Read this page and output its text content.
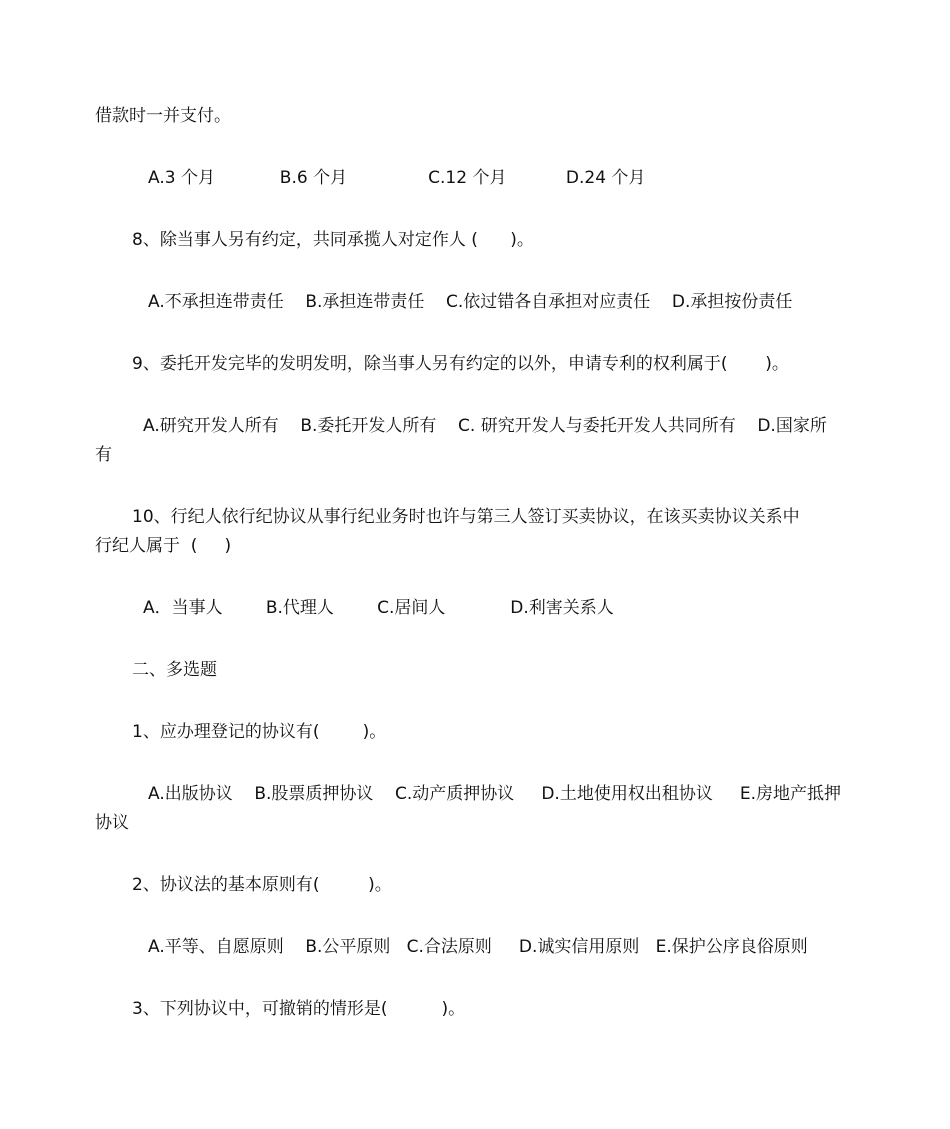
借款时一并支付。
A.3 个月            B.6 个月               C.12 个月           D.24 个月
8、除当事人另有约定，共同承揽人对定作人 (      )。
A.不承担连带责任    B.承担连带责任    C.依过错各自承担对应责任    D.承担按份责任
9、委托开发完毕的发明发明，除当事人另有约定的以外，申请专利的权利属于(       )。
A.研究开发人所有    B.委托开发人所有    C. 研究开发人与委托开发人共同所有    D.国家所
有
10、行纪人依行纪协议从事行纪业务时也许与第三人签订买卖协议，在该买卖协议关系中
行纪人属于  (     )
A．当事人        B.代理人        C.居间人            D.利害关系人
二、多选题
1、应办理登记的协议有(        )。
A.出版协议    B.股票质押协议    C.动产质押协议     D.土地使用权出租协议     E.房地产抵押
协议
2、协议法的基本原则有(         )。
A.平等、自愿原则    B.公平原则   C.合法原则     D.诚实信用原则   E.保护公序良俗原则
3、下列协议中，可撤销的情形是(          )。
